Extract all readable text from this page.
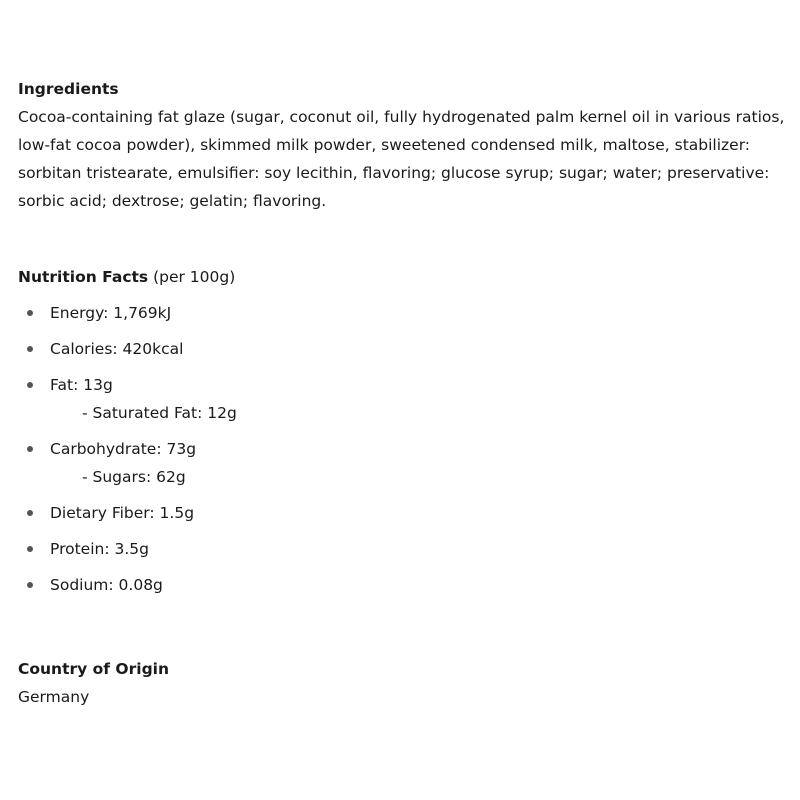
Ingredients
Cocoa-containing fat glaze (sugar, coconut oil, fully hydrogenated palm kernel oil in various ratios, low-fat cocoa powder), skimmed milk powder, sweetened condensed milk, maltose, stabilizer: sorbitan tristearate, emulsifier: soy lecithin, flavoring; glucose syrup; sugar; water; preservative: sorbic acid; dextrose; gelatin; flavoring.
Nutrition Facts (per 100g)
Energy: 1,769kJ
Calories: 420kcal
Fat: 13g
- Saturated Fat: 12g
Carbohydrate: 73g
- Sugars: 62g
Dietary Fiber: 1.5g
Protein: 3.5g
Sodium: 0.08g
Country of Origin
Germany
